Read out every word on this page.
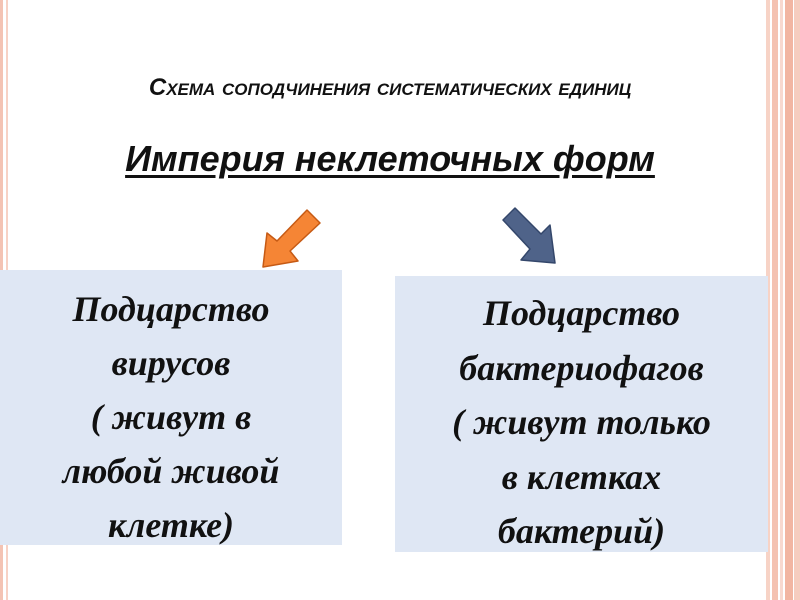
Схема соподчинения систематических единиц
Империя неклеточных форм
Подцарство
вирусов
( живут в
любой живой
клетке)
Подцарство
бактериофагов
( живут только
в клетках
бактерий)
